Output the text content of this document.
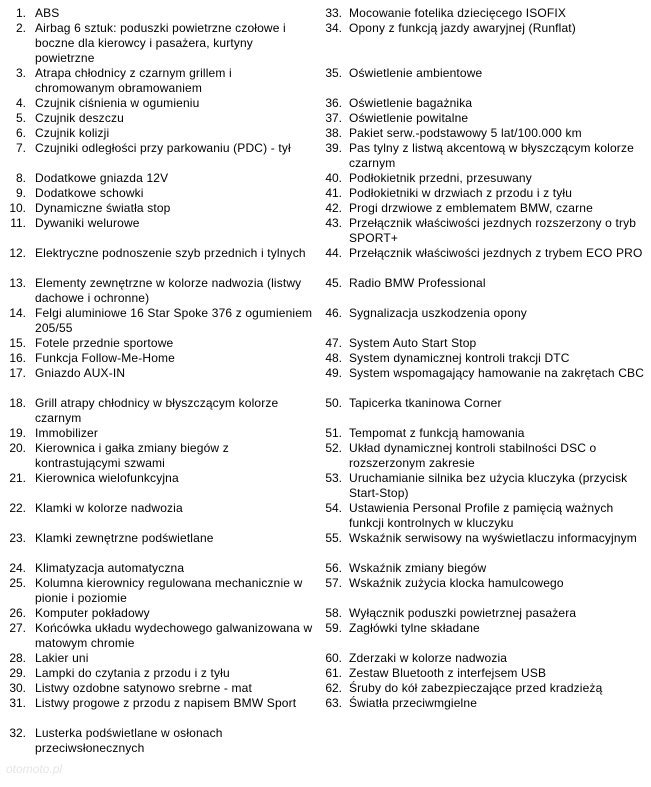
1. ABS
2. Airbag 6 sztuk: poduszki powietrzne czołowe i boczne dla kierowcy i pasażera, kurtyny powietrzne
3. Atrapa chłodnicy z czarnym grillem i chromowanym obramowaniem
4. Czujnik ciśnienia w ogumieniu
5. Czujnik deszczu
6. Czujnik kolizji
7. Czujniki odległości przy parkowaniu (PDC) - tył
8. Dodatkowe gniazda 12V
9. Dodatkowe schowki
10. Dynamiczne światła stop
11. Dywaniki welurowe
12. Elektryczne podnoszenie szyb przednich i tylnych
13. Elementy zewnętrzne w kolorze nadwozia (listwy dachowe i ochronne)
14. Felgi aluminiowe 16 Star Spoke 376 z ogumieniem 205/55
15. Fotele przednie sportowe
16. Funkcja Follow-Me-Home
17. Gniazdo AUX-IN
18. Grill atrapy chłodnicy w błyszczącym kolorze czarnym
19. Immobilizer
20. Kierownica i gałka zmiany biegów z kontrastującymi szwami
21. Kierownica wielofunkcyjna
22. Klamki w kolorze nadwozia
23. Klamki zewnętrzne podświetlane
24. Klimatyzacja automatyczna
25. Kolumna kierownicy regulowana mechanicznie w pionie i poziomie
26. Komputer pokładowy
27. Końcówka układu wydechowego galwanizowana w matowym chromie
28. Lakier uni
29. Lampki do czytania z przodu i z tyłu
30. Listwy ozdobne satynowo srebrne - mat
31. Listwy progowe z przodu z napisem BMW Sport
32. Lusterka podświetlane w osłonach przeciwsłonecznych
33. Mocowanie fotelika dziecięcego ISOFIX
34. Opony z funkcją jazdy awaryjnej (Runflat)
35. Oświetlenie ambientowe
36. Oświetlenie bagażnika
37. Oświetlenie powitalne
38. Pakiet serw.-podstawowy 5 lat/100.000 km
39. Pas tylny z listwą akcentową w błyszczącym kolorze czarnym
40. Podłokietnik przedni, przesuwany
41. Podłokietniki w drzwiach z przodu i z tyłu
42. Progi drzwiowe z emblematem BMW, czarne
43. Przełącznik właściwości jezdnych rozszerzony o tryb SPORT+
44. Przełącznik właściwości jezdnych z trybem ECO PRO
45. Radio BMW Professional
46. Sygnalizacja uszkodzenia opony
47. System Auto Start Stop
48. System dynamicznej kontroli trakcji DTC
49. System wspomagający hamowanie na zakrętach CBC
50. Tapicerka tkaninowa Corner
51. Tempomat z funkcją hamowania
52. Układ dynamicznej kontroli stabilności DSC o rozszerzonym zakresie
53. Uruchamianie silnika bez użycia kluczyka (przycisk Start-Stop)
54. Ustawienia Personal Profile z pamięcią ważnych funkcji kontrolnych w kluczyku
55. Wskaźnik serwisowy na wyświetlaczu informacyjnym
56. Wskaźnik zmiany biegów
57. Wskaźnik zużycia klocka hamulcowego
58. Wyłącznik poduszki powietrznej pasażera
59. Zagłówki tylne składane
60. Zderzaki w kolorze nadwozia
61. Zestaw Bluetooth z interfejsem USB
62. Śruby do kół zabezpieczające przed kradzieżą
63. Światła przeciwmgielne
otomoto.pl
